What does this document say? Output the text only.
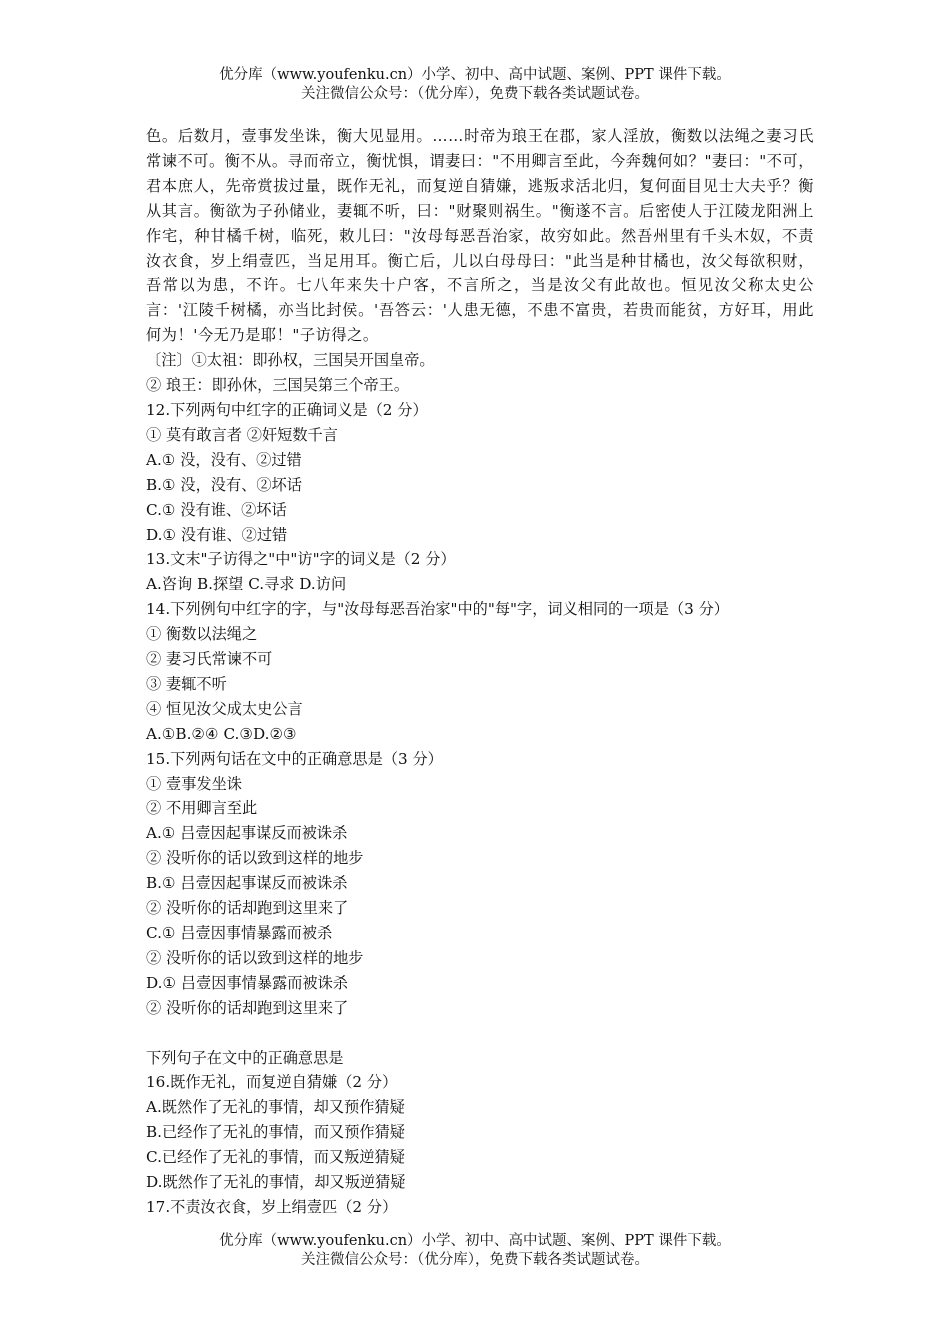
优分库（www.youfenku.cn）小学、初中、高中试题、案例、PPT 课件下载。
关注微信公众号：（优分库），免费下载各类试题试卷。

色。后数月，壹事发坐诛，衡大见显用。……时帝为琅王在郡，家人淫放，衡数以法绳之妻习氏常谏不可。衡不从。寻而帝立，衡忧惧，谓妻曰："不用卿言至此，今奔魏何如？"妻曰："不可，君本庶人，先帝赏拔过量，既作无礼，而复逆自猜嫌，逃叛求活北归，复何面目见士大夫乎？衡从其言。衡欲为子孙储业，妻辄不听，曰："财聚则祸生。"衡遂不言。后密使人于江陵龙阳洲上作宅，种甘橘千树，临死，敕儿曰："汝母每恶吾治家，故穷如此。然吾州里有千头木奴，不责汝衣食，岁上绢壹匹，当足用耳。衡亡后，儿以白母母曰："此当是种甘橘也，汝父每欲积财，吾常以为患，不许。七八年来失十户客，不言所之，当是汝父有此故也。恒见汝父称太史公言：'江陵千树橘，亦当比封侯。'吾答云：'人患无德，不患不富贵，若贵而能贫，方好耳，用此何为！'今无乃是耶！"子访得之。

〔注〕①太祖：即孙权，三国吴开国皇帝。
② 琅王：即孙休，三国吴第三个帝王。
12.下列两句中红字的正确词义是（2 分）
① 莫有敢言者 ②奸短数千言
A.① 没，没有、②过错
B.① 没，没有、②坏话
C.① 没有谁、②坏话
D.① 没有谁、②过错
13.文末"子访得之"中"访"字的词义是（2 分）
A.咨询 B.探望 C.寻求 D.访问
14.下列例句中红字的字，与"汝母每恶吾治家"中的"每"字，词义相同的一项是（3 分）
① 衡数以法绳之
② 妻习氏常谏不可
③ 妻辄不听
④ 恒见汝父成太史公言
A.①B.②④ C.③D.②③
15.下列两句话在文中的正确意思是（3 分）
① 壹事发坐诛
② 不用卿言至此
A.① 吕壹因起事谋反而被诛杀
② 没听你的话以致到这样的地步
B.① 吕壹因起事谋反而被诛杀
② 没听你的话却跑到这里来了
C.① 吕壹因事情暴露而被杀
② 没听你的话以致到这样的地步
D.① 吕壹因事情暴露而被诛杀
② 没听你的话却跑到这里来了
下列句子在文中的正确意思是
16.既作无礼，而复逆自猜嫌（2 分）
A.既然作了无礼的事情，却又预作猜疑
B.已经作了无礼的事情，而又预作猜疑
C.已经作了无礼的事情，而又叛逆猜疑
D.既然作了无礼的事情，却又叛逆猜疑
17.不责汝衣食，岁上绢壹匹（2 分）
优分库（www.youfenku.cn）小学、初中、高中试题、案例、PPT 课件下载。
关注微信公众号：（优分库），免费下载各类试题试卷。
